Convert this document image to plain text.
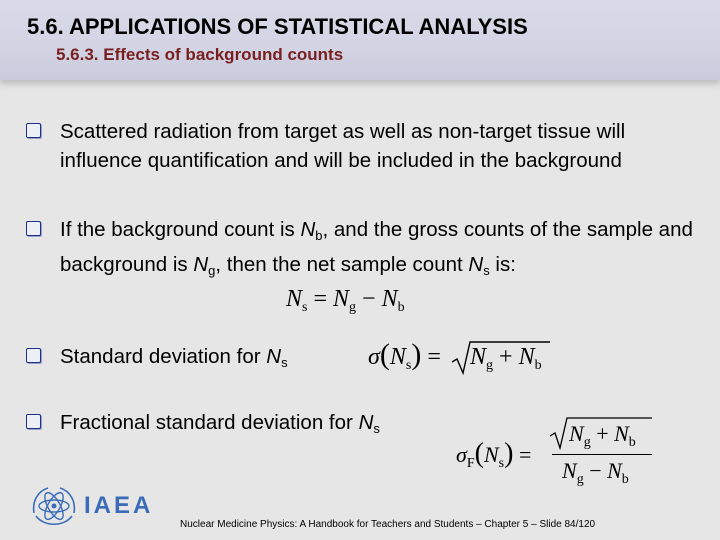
5.6. APPLICATIONS OF STATISTICAL ANALYSIS
5.6.3. Effects of background counts
Scattered radiation from target as well as non-target tissue will influence quantification and will be included in the background
If the background count is $N_b$, and the gross counts of the sample and background is $N_g$, then the net sample count $N_s$ is:
$N_s = N_g - N_b$
Standard deviation for $N_s$	$\sigma(N_s) = N_g + N_b$
Fractional standard deviation for $N_s$
$\sigma_F(N_s)$ =
$N_g + N_b$
$N_g - N_b$
IAEA
Nuclear Medicine Physics: A Handbook for Teachers and Students – Chapter 5 – Slide 84/120
